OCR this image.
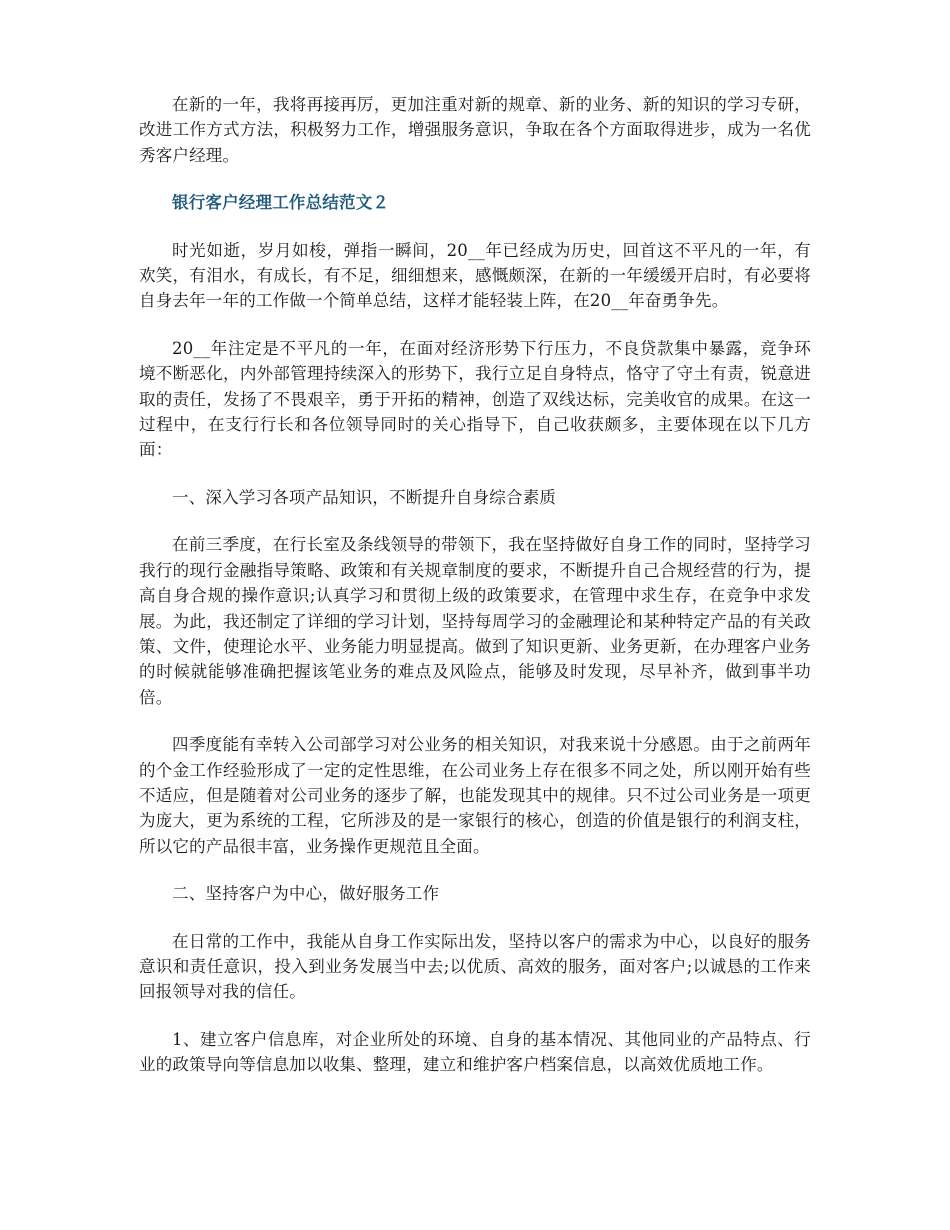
在新的一年，我将再接再厉，更加注重对新的规章、新的业务、新的知识的学习专研，改进工作方式方法，积极努力工作，增强服务意识，争取在各个方面取得进步，成为一名优秀客户经理。

银行客户经理工作总结范文２

时光如逝，岁月如梭，弹指一瞬间，20__年已经成为历史，回首这不平凡的一年，有欢笑，有泪水，有成长，有不足，细细想来，感慨颇深，在新的一年缓缓开启时，有必要将自身去年一年的工作做一个简单总结，这样才能轻装上阵，在20__年奋勇争先。

20__年注定是不平凡的一年，在面对经济形势下行压力，不良贷款集中暴露，竞争环境不断恶化，内外部管理持续深入的形势下，我行立足自身特点，恪守了守土有责，锐意进取的责任，发扬了不畏艰辛，勇于开拓的精神，创造了双线达标，完美收官的成果。在这一过程中，在支行行长和各位领导同时的关心指导下，自己收获颇多，主要体现在以下几方面：

一、深入学习各项产品知识，不断提升自身综合素质

在前三季度，在行长室及条线领导的带领下，我在坚持做好自身工作的同时，坚持学习我行的现行金融指导策略、政策和有关规章制度的要求，不断提升自己合规经营的行为，提高自身合规的操作意识;认真学习和贯彻上级的政策要求，在管理中求生存，在竞争中求发展。为此，我还制定了详细的学习计划，坚持每周学习的金融理论和某种特定产品的有关政策、文件，使理论水平、业务能力明显提高。做到了知识更新、业务更新，在办理客户业务的时候就能够准确把握该笔业务的难点及风险点，能够及时发现，尽早补齐，做到事半功倍。

四季度能有幸转入公司部学习对公业务的相关知识，对我来说十分感恩。由于之前两年的个金工作经验形成了一定的定性思维，在公司业务上存在很多不同之处，所以刚开始有些不适应，但是随着对公司业务的逐步了解，也能发现其中的规律。只不过公司业务是一项更为庞大，更为系统的工程，它所涉及的是一家银行的核心，创造的价值是银行的利润支柱，所以它的产品很丰富，业务操作更规范且全面。

二、坚持客户为中心，做好服务工作

在日常的工作中，我能从自身工作实际出发，坚持以客户的需求为中心，以良好的服务意识和责任意识，投入到业务发展当中去;以优质、高效的服务，面对客户;以诚恳的工作来回报领导对我的信任。

1、建立客户信息库，对企业所处的环境、自身的基本情况、其他同业的产品特点、行业的政策导向等信息加以收集、整理，建立和维护客户档案信息，以高效优质地工作。
